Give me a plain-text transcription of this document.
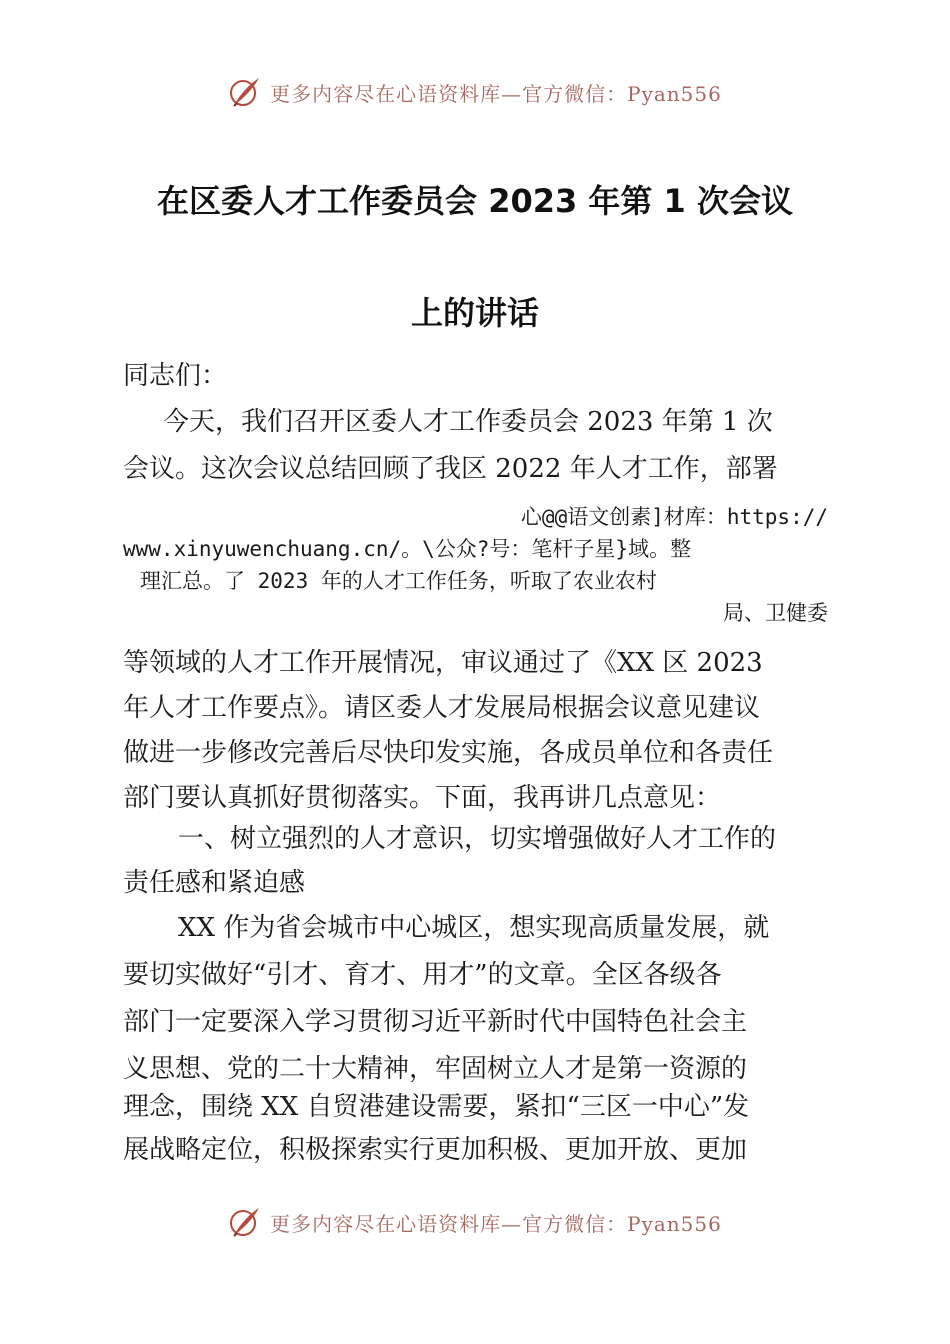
更多内容尽在心语资料库—官方微信：Pyan556
在区委人才工作委员会 2023 年第 1 次会议
上的讲话
同志们：
今天，我们召开区委人才工作委员会 2023 年第 1 次
会议。这次会议总结回顾了我区 2022 年人才工作，部署
心@@语文创素]材库：https://
www.xinyuwenchuang.cn/。\公众?号：笔杆子星}域。整
理汇总。了 2023 年的人才工作任务，听取了农业农村
局、卫健委
等领域的人才工作开展情况，审议通过了《XX 区 2023
年人才工作要点》。请区委人才发展局根据会议意见建议
做进一步修改完善后尽快印发实施，各成员单位和各责任
部门要认真抓好贯彻落实。下面，我再讲几点意见：
一、树立强烈的人才意识，切实增强做好人才工作的
责任感和紧迫感
XX 作为省会城市中心城区，想实现高质量发展，就
要切实做好“引才、育才、用才”的文章。全区各级各
部门一定要深入学习贯彻习近平新时代中国特色社会主
义思想、党的二十大精神，牢固树立人才是第一资源的
理念，围绕 XX 自贸港建设需要，紧扣“三区一中心”发
展战略定位，积极探索实行更加积极、更加开放、更加
更多内容尽在心语资料库—官方微信：Pyan556
